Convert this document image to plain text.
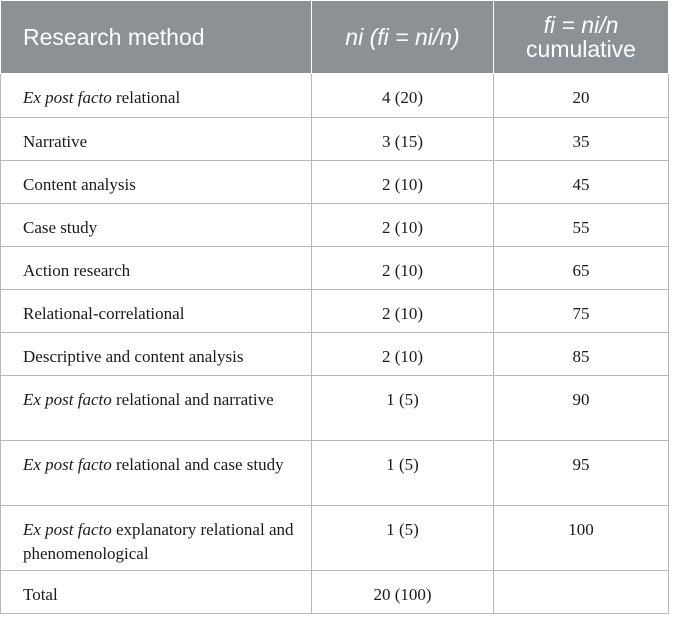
Research method	ni (fi = ni/n)	fi = ni/n
cumulative
Ex post facto relational	4 (20)	20
Narrative	3 (15)	35
Content analysis	2 (10)	45
Case study	2 (10)	55
Action research	2 (10)	65
Relational-correlational	2 (10)	75
Descriptive and content analysis	2 (10)	85
Ex post facto relational and narrative	1 (5)	90
Ex post facto relational and case study	1 (5)	95
Ex post facto explanatory relational and phenomenological	1 (5)	100
Total	20 (100)	
